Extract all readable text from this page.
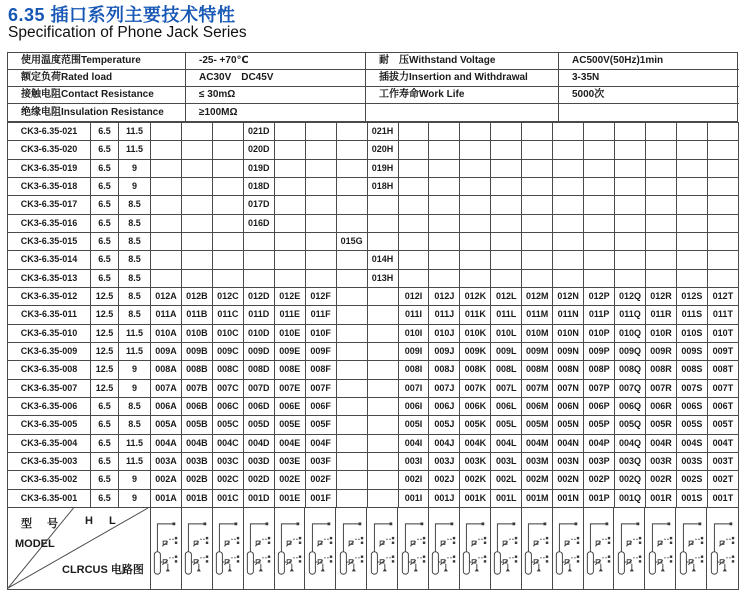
6.35 插口系列主要技术特性
Specification of Phone Jack Series
使用温度范围Temperature	-25- +70℃	耐　压Withstand Voltage	AC500V(50Hz)1min
额定负荷Rated load	AC30V　DC45V	插拔力Insertion and Withdrawal	3-35N
接触电阻Contact Resistance	≤ 30mΩ	工作寿命Work Life	5000次
绝缘电阻Insulation Resistance	≥100MΩ
CK3-6.35-021	6.5	11.5				021D				021H											
CK3-6.35-020	6.5	11.5				020D				020H											
CK3-6.35-019	6.5	9				019D				019H											
CK3-6.35-018	6.5	9				018D				018H											
CK3-6.35-017	6.5	8.5				017D															
CK3-6.35-016	6.5	8.5				016D															
CK3-6.35-015	6.5	8.5							015G												
CK3-6.35-014	6.5	8.5								014H											
CK3-6.35-013	6.5	8.5								013H											
CK3-6.35-012	12.5	8.5	012A	012B	012C	012D	012E	012F			012I	012J	012K	012L	012M	012N	012P	012Q	012R	012S	012T
CK3-6.35-011	12.5	8.5	011A	011B	011C	011D	011E	011F			011I	011J	011K	011L	011M	011N	011P	011Q	011R	011S	011T
CK3-6.35-010	12.5	11.5	010A	010B	010C	010D	010E	010F			010I	010J	010K	010L	010M	010N	010P	010Q	010R	010S	010T
CK3-6.35-009	12.5	11.5	009A	009B	009C	009D	009E	009F			009I	009J	009K	009L	009M	009N	009P	009Q	009R	009S	009T
CK3-6.35-008	12.5	9	008A	008B	008C	008D	008E	008F			008I	008J	008K	008L	008M	008N	008P	008Q	008R	008S	008T
CK3-6.35-007	12.5	9	007A	007B	007C	007D	007E	007F			007I	007J	007K	007L	007M	007N	007P	007Q	007R	007S	007T
CK3-6.35-006	6.5	8.5	006A	006B	006C	006D	006E	006F			006I	006J	006K	006L	006M	006N	006P	006Q	006R	006S	006T
CK3-6.35-005	6.5	8.5	005A	005B	005C	005D	005E	005F			005I	005J	005K	005L	005M	005N	005P	005Q	005R	005S	005T
CK3-6.35-004	6.5	11.5	004A	004B	004C	004D	004E	004F			004I	004J	004K	004L	004M	004N	004P	004Q	004R	004S	004T
CK3-6.35-003	6.5	11.5	003A	003B	003C	003D	003E	003F			003I	003J	003K	003L	003M	003N	003P	003Q	003R	003S	003T
CK3-6.35-002	6.5	9	002A	002B	002C	002D	002E	002F			002I	002J	002K	002L	002M	002N	002P	002Q	002R	002S	002T
CK3-6.35-001	6.5	9	001A	001B	001C	001D	001E	001F			001I	001J	001K	001L	001M	001N	001P	001Q	001R	001S	001T
型 号
MODEL
H L
CLRCUS 电路图
